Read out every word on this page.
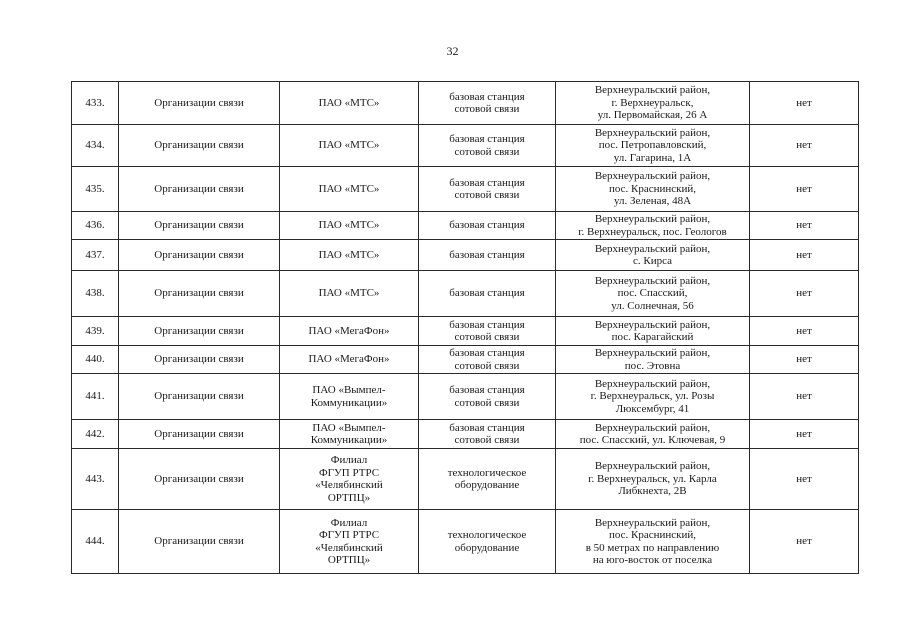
32
433.	Организации связи	ПАО «МТС»	базовая станция
сотовой связи	Верхнеуральский район,
г. Верхнеуральск,
ул. Первомайская, 26 А	нет
434.	Организации связи	ПАО «МТС»	базовая станция
сотовой связи	Верхнеуральский район,
пос. Петропавловский,
ул. Гагарина, 1А	нет
435.	Организации связи	ПАО «МТС»	базовая станция
сотовой связи	Верхнеуральский район,
пос. Краснинский,
ул. Зеленая, 48А	нет
436.	Организации связи	ПАО «МТС»	базовая станция	Верхнеуральский район,
г. Верхнеуральск, пос. Геологов	нет
437.	Организации связи	ПАО «МТС»	базовая станция	Верхнеуральский район,
с. Кирса	нет
438.	Организации связи	ПАО «МТС»	базовая станция	Верхнеуральский район,
пос. Спасский,
ул. Солнечная, 56	нет
439.	Организации связи	ПАО «МегаФон»	базовая станция
сотовой связи	Верхнеуральский район,
пос. Карагайский	нет
440.	Организации связи	ПАО «МегаФон»	базовая станция
сотовой связи	Верхнеуральский район,
пос. Этовна	нет
441.	Организации связи	ПАО «Вымпел-
Коммуникации»	базовая станция
сотовой связи	Верхнеуральский район,
г. Верхнеуральск, ул. Розы
Люксембург, 41	нет
442.	Организации связи	ПАО «Вымпел-
Коммуникации»	базовая станция
сотовой связи	Верхнеуральский район,
пос. Спасский, ул. Ключевая, 9	нет
443.	Организации связи	Филиал
ФГУП РТРС
«Челябинский
ОРТПЦ»	технологическое
оборудование	Верхнеуральский район,
г. Верхнеуральск, ул. Карла
Либкнехта, 2В	нет
444.	Организации связи	Филиал
ФГУП РТРС
«Челябинский
ОРТПЦ»	технологическое
оборудование	Верхнеуральский район,
пос. Краснинский,
в 50 метрах по направлению
на юго-восток от поселка	нет
